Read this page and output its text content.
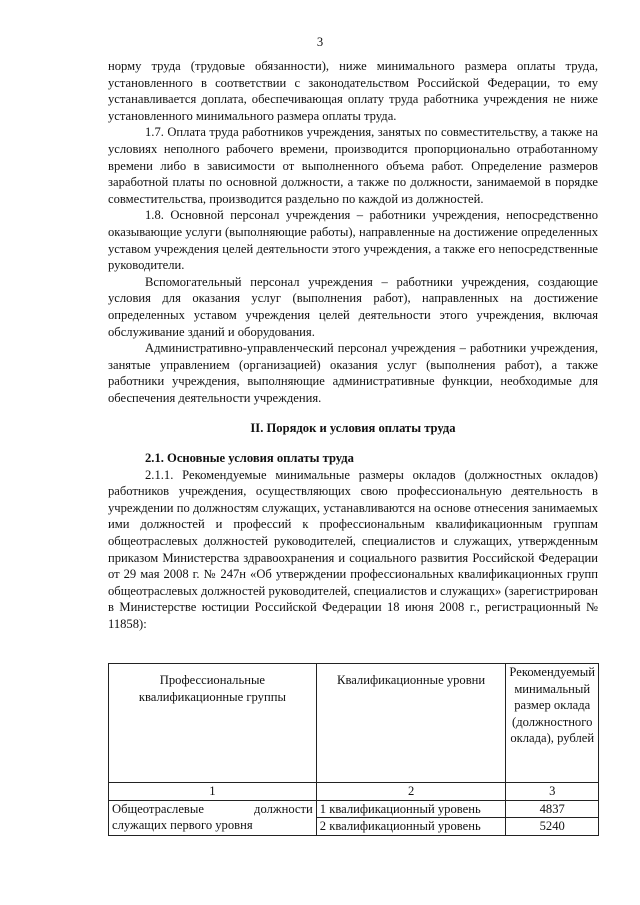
3

норму труда (трудовые обязанности), ниже минимального размера оплаты труда, установленного в соответствии с законодательством Российской Федерации, то ему устанавливается доплата, обеспечивающая оплату труда работника учреждения не ниже установленного минимального размера оплаты труда.

1.7. Оплата труда работников учреждения, занятых по совместительству, а также на условиях неполного рабочего времени, производится пропорционально отработанному времени либо в зависимости от выполненного объема работ. Определение размеров заработной платы по основной должности, а также по должности, занимаемой в порядке совместительства, производится раздельно по каждой из должностей.

1.8. Основной персонал учреждения – работники учреждения, непосредственно оказывающие услуги (выполняющие работы), направленные на достижение определенных уставом учреждения целей деятельности этого учреждения, а также его непосредственные руководители.

Вспомогательный персонал учреждения – работники учреждения, создающие условия для оказания услуг (выполнения работ), направленных на достижение определенных уставом учреждения целей деятельности этого учреждения, включая обслуживание зданий и оборудования.

Административно-управленческий персонал учреждения – работники учреждения, занятые управлением (организацией) оказания услуг (выполнения работ), а также работники учреждения, выполняющие административные функции, необходимые для обеспечения деятельности учреждения.

II. Порядок и условия оплаты труда

2.1. Основные условия оплаты труда

2.1.1. Рекомендуемые минимальные размеры окладов (должностных окладов) работников учреждения, осуществляющих свою профессиональную деятельность в учреждении по должностям служащих, устанавливаются на основе отнесения занимаемых ими должностей и профессий к профессиональным квалификационным группам общеотраслевых должностей руководителей, специалистов и служащих, утвержденным приказом Министерства здравоохранения и социального развития Российской Федерации от 29 мая 2008 г. № 247н «Об утверждении профессиональных квалификационных групп общеотраслевых должностей руководителей, специалистов и служащих» (зарегистрирован в Министерстве юстиции Российской Федерации 18 июня 2008 г., регистрационный № 11858):

Профессиональные квалификационные группы	Квалификационные уровни	Рекомендуемый минимальный размер оклада (должностного оклада), рублей
1	2	3
Общеотраслевые должности служащих первого уровня	1 квалификационный уровень	4837
	2 квалификационный уровень	5240
